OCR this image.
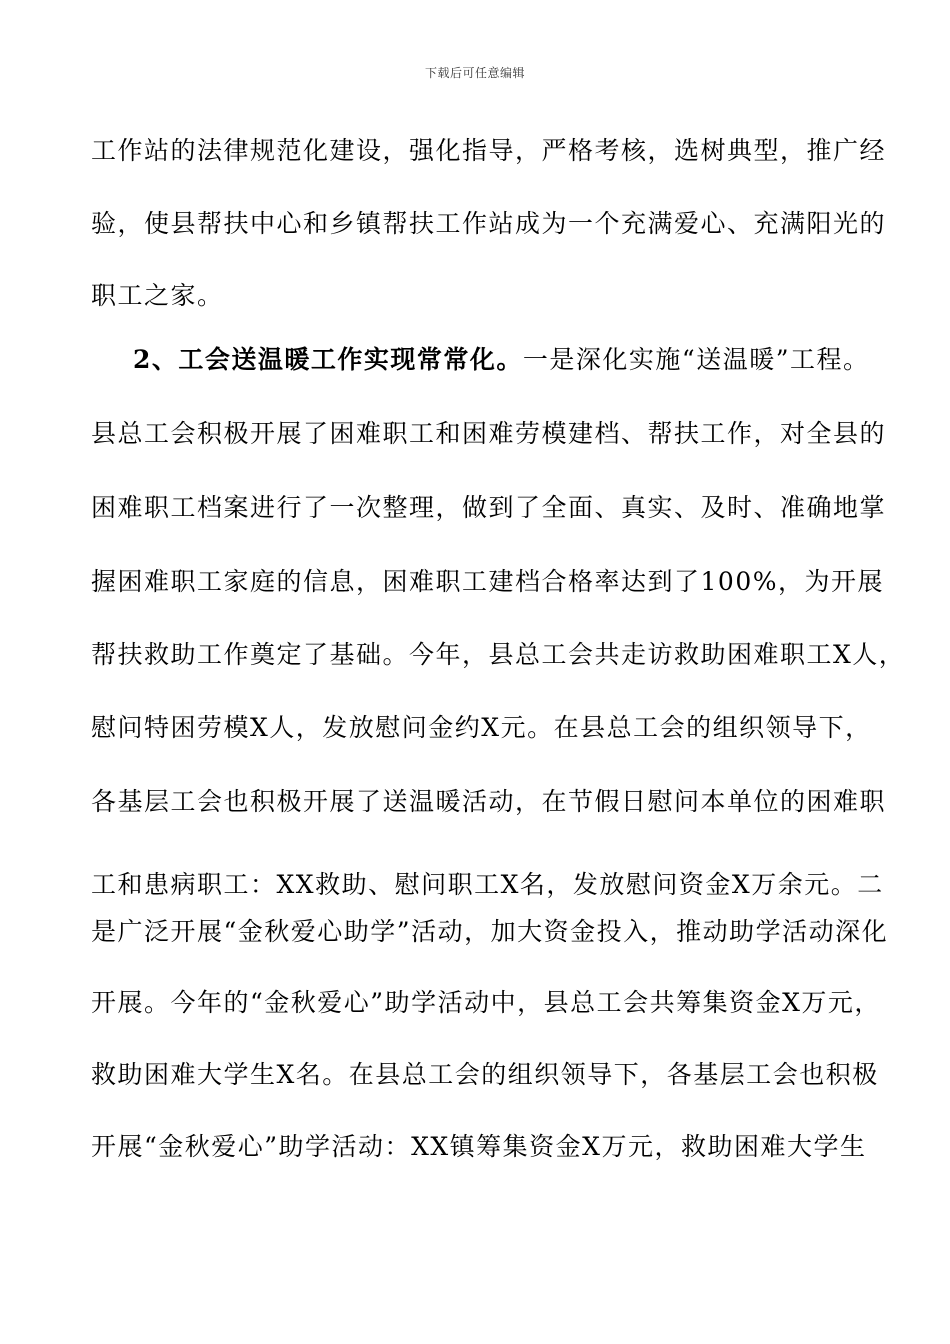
下载后可任意编辑
工作站的法律规范化建设，强化指导，严格考核，选树典型，推广经
验，使县帮扶中心和乡镇帮扶工作站成为一个充满爱心、充满阳光的
职工之家。
2、工会送温暖工作实现常常化。一是深化实施“送温暖”工程。
县总工会积极开展了困难职工和困难劳模建档、帮扶工作，对全县的
困难职工档案进行了一次整理，做到了全面、真实、及时、准确地掌
握困难职工家庭的信息，困难职工建档合格率达到了100%，为开展
帮扶救助工作奠定了基础。今年，县总工会共走访救助困难职工X人，
慰问特困劳模X人，发放慰问金约X元。在县总工会的组织领导下，
各基层工会也积极开展了送温暖活动，在节假日慰问本单位的困难职
工和患病职工：XX救助、慰问职工X名，发放慰问资金X万余元。二
是广泛开展“金秋爱心助学”活动，加大资金投入，推动助学活动深化
开展。今年的“金秋爱心”助学活动中，县总工会共筹集资金X万元，
救助困难大学生X名。在县总工会的组织领导下，各基层工会也积极
开展“金秋爱心”助学活动：XX镇筹集资金X万元，救助困难大学生
